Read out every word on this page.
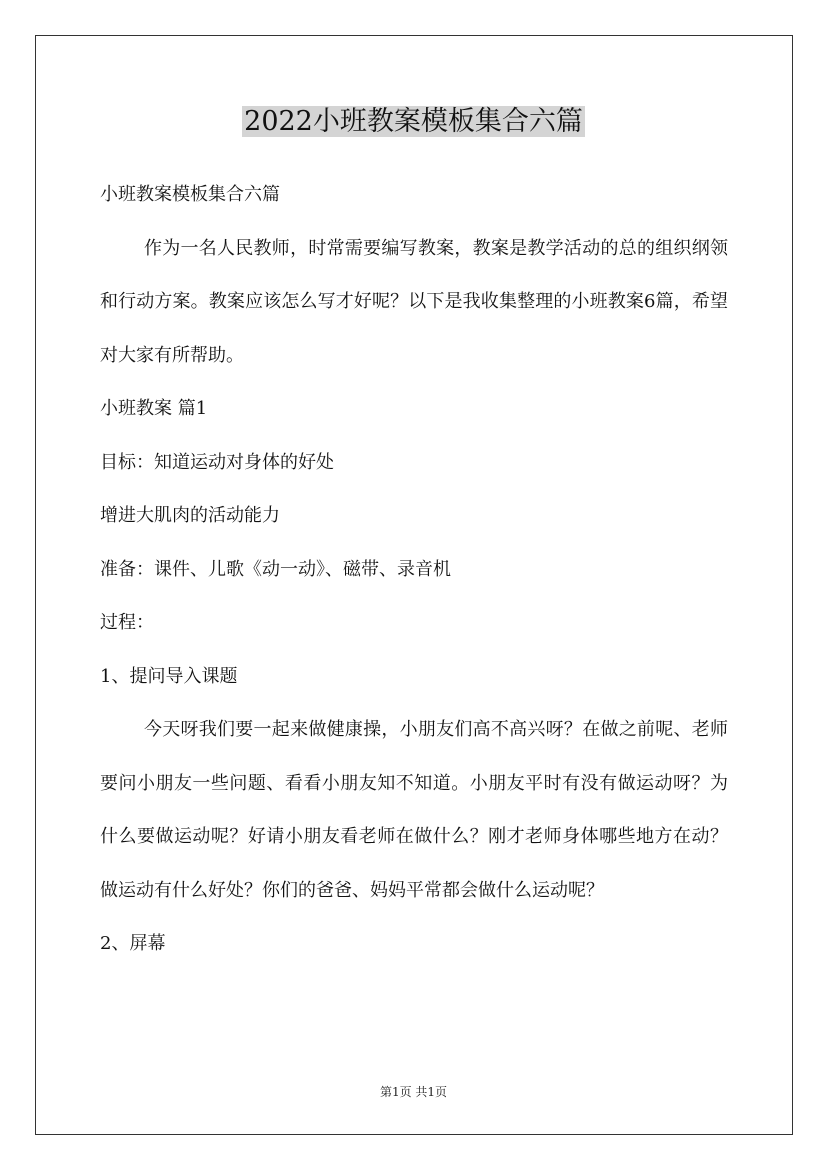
2022小班教案模板集合六篇

小班教案模板集合六篇

作为一名人民教师，时常需要编写教案，教案是教学活动的总的组织纲领和行动方案。教案应该怎么写才好呢？以下是我收集整理的小班教案6篇，希望对大家有所帮助。

小班教案 篇1

目标：知道运动对身体的好处

增进大肌肉的活动能力

准备：课件、儿歌《动一动》、磁带、录音机

过程：

1、提问导入课题

今天呀我们要一起来做健康操，小朋友们高不高兴呀？在做之前呢、老师要问小朋友一些问题、看看小朋友知不知道。小朋友平时有没有做运动呀？为什么要做运动呢？好请小朋友看老师在做什么？刚才老师身体哪些地方在动？做运动有什么好处？你们的爸爸、妈妈平常都会做什么运动呢？

2、屏幕

第1页 共1页
